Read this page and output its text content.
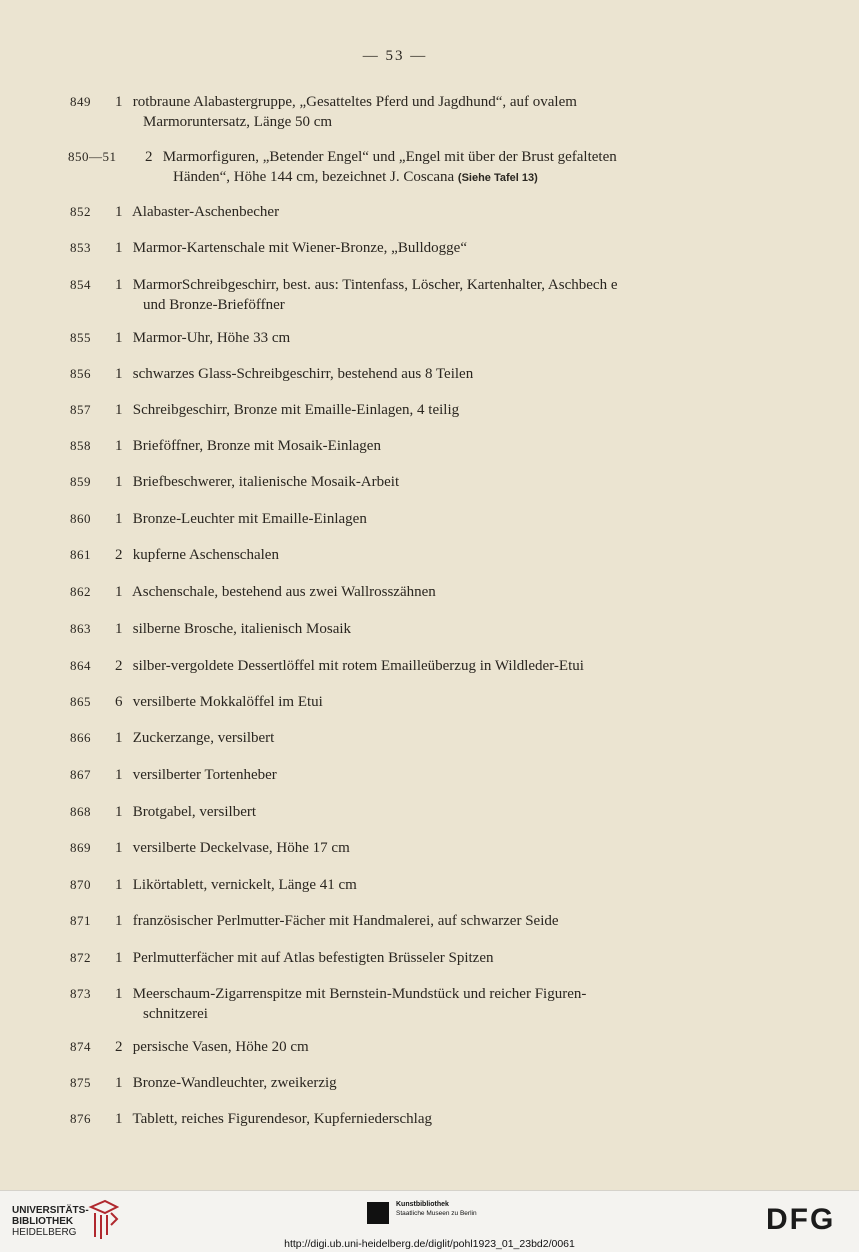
— 53 —
849	1 rotbraune Alabastergruppe, „Gesatteltes Pferd und Jagdhund“, auf ovalem
Marmoruntersatz, Länge 50 cm
850—51	2 Marmorfiguren, „Betender Engel“ und „Engel mit über der Brust gefalteten
Händen“, Höhe 144 cm, bezeichnet J. Coscana (Siehe Tafel 13)
852	1 Alabaster-Aschenbecher
853	1 Marmor-Kartenschale mit Wiener-Bronze, „Bulldogge“
854	1 MarmorSchreibgeschirr, best. aus: Tintenfass, Löscher, Kartenhalter, Aschbech e
und Bronze-Brieföffner
855	1 Marmor-Uhr, Höhe 33 cm
856	1 schwarzes Glass-Schreibgeschirr, bestehend aus 8 Teilen
857	1 Schreibgeschirr, Bronze mit Emaille-Einlagen, 4 teilig
858	1 Brieföffner, Bronze mit Mosaik-Einlagen
859	1 Briefbeschwerer, italienische Mosaik-Arbeit
860	1 Bronze-Leuchter mit Emaille-Einlagen
861	2 kupferne Aschenschalen
862	1 Aschenschale, bestehend aus zwei Wallrosszähnen
863	1 silberne Brosche, italienisch Mosaik
864	2 silber-vergoldete Dessertlöffel mit rotem Emailleüberzug in Wildleder-Etui
865	6 versilberte Mokkalöffel im Etui
866	1 Zuckerzange, versilbert
867	1 versilberter Tortenheber
868	1 Brotgabel, versilbert
869	1 versilberte Deckelvase, Höhe 17 cm
870	1 Likörtablett, vernickelt, Länge 41 cm
871	1 französischer Perlmutter-Fächer mit Handmalerei, auf schwarzer Seide
872	1 Perlmutterfächer mit auf Atlas befestigten Brüsseler Spitzen
873	1 Meerschaum-Zigarrenspitze mit Bernstein-Mundstück und reicher Figuren-
schnitzerei
874	2 persische Vasen, Höhe 20 cm
875	1 Bronze-Wandleuchter, zweikerzig
876	1 Tablett, reiches Figurendesor, Kupferniederschlag
UNIVERSITÄTS-
BIBLIOTHEK
HEIDELBERG
Kunstbibliothek
Staatliche Museen zu Berlin	DFG
http://digi.ub.uni-heidelberg.de/diglit/pohl1923_01_23bd2/0061
